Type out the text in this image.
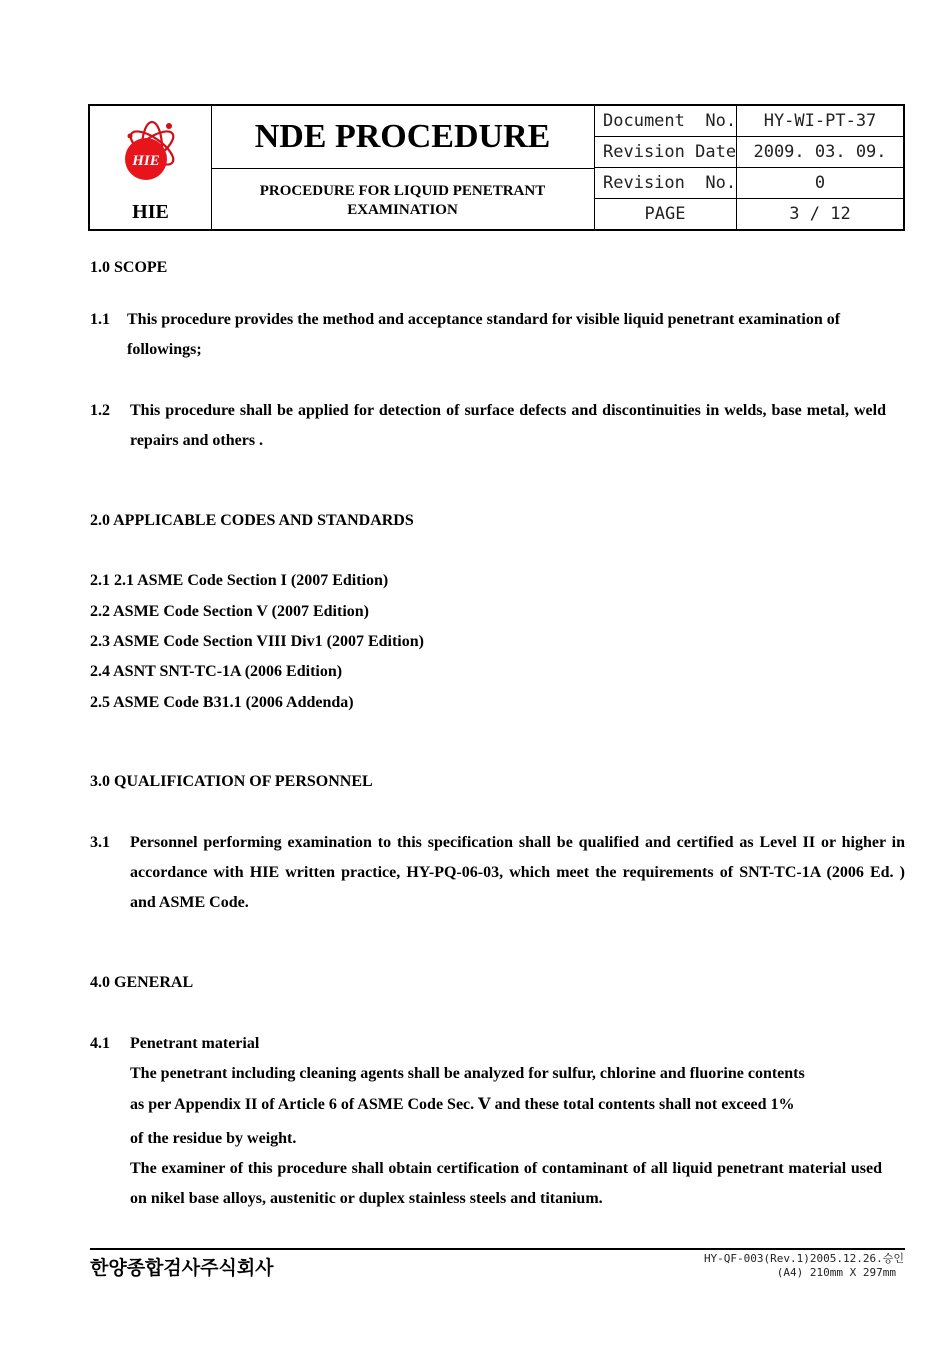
HIE
HIE
NDE PROCEDURE
PROCEDURE FOR LIQUID PENETRANT EXAMINATION
Document  No.	HY-WI-PT-37
Revision Date	2009. 03. 09.
Revision  No.	0
PAGE	3 / 12
1.0 SCOPE
1.1 This procedure provides the method and acceptance standard for visible liquid penetrant examination of followings;
1.2 This procedure shall be applied for detection of surface defects and discontinuities in welds, base metal, weld repairs and others .
2.0 APPLICABLE CODES AND STANDARDS
2.1 2.1 ASME Code Section I (2007 Edition)
2.2 ASME Code Section V (2007 Edition)
2.3 ASME Code Section VIII Div1 (2007 Edition)
2.4 ASNT SNT-TC-1A (2006 Edition)
2.5 ASME Code B31.1 (2006 Addenda)
3.0 QUALIFICATION OF PERSONNEL
3.1 Personnel performing examination to this specification shall be qualified and certified as Level II or higher in accordance with HIE written practice, HY-PQ-06-03, which meet the requirements of SNT-TC-1A (2006 Ed. ) and ASME Code.
4.0 GENERAL
4.1 Penetrant material
The penetrant including cleaning agents shall be analyzed for sulfur, chlorine and fluorine contents
as per Appendix II of Article 6 of ASME Code Sec. Ⅴ and these total contents shall not exceed 1%
of the residue by weight.
The examiner of this procedure shall obtain certification of contaminant of all liquid penetrant material used on nikel base alloys, austenitic or duplex stainless steels and titanium.
한양종합검사주식회사	HY-QF-003(Rev.1)2005.12.26.승인
(A4) 210mm X 297mm
